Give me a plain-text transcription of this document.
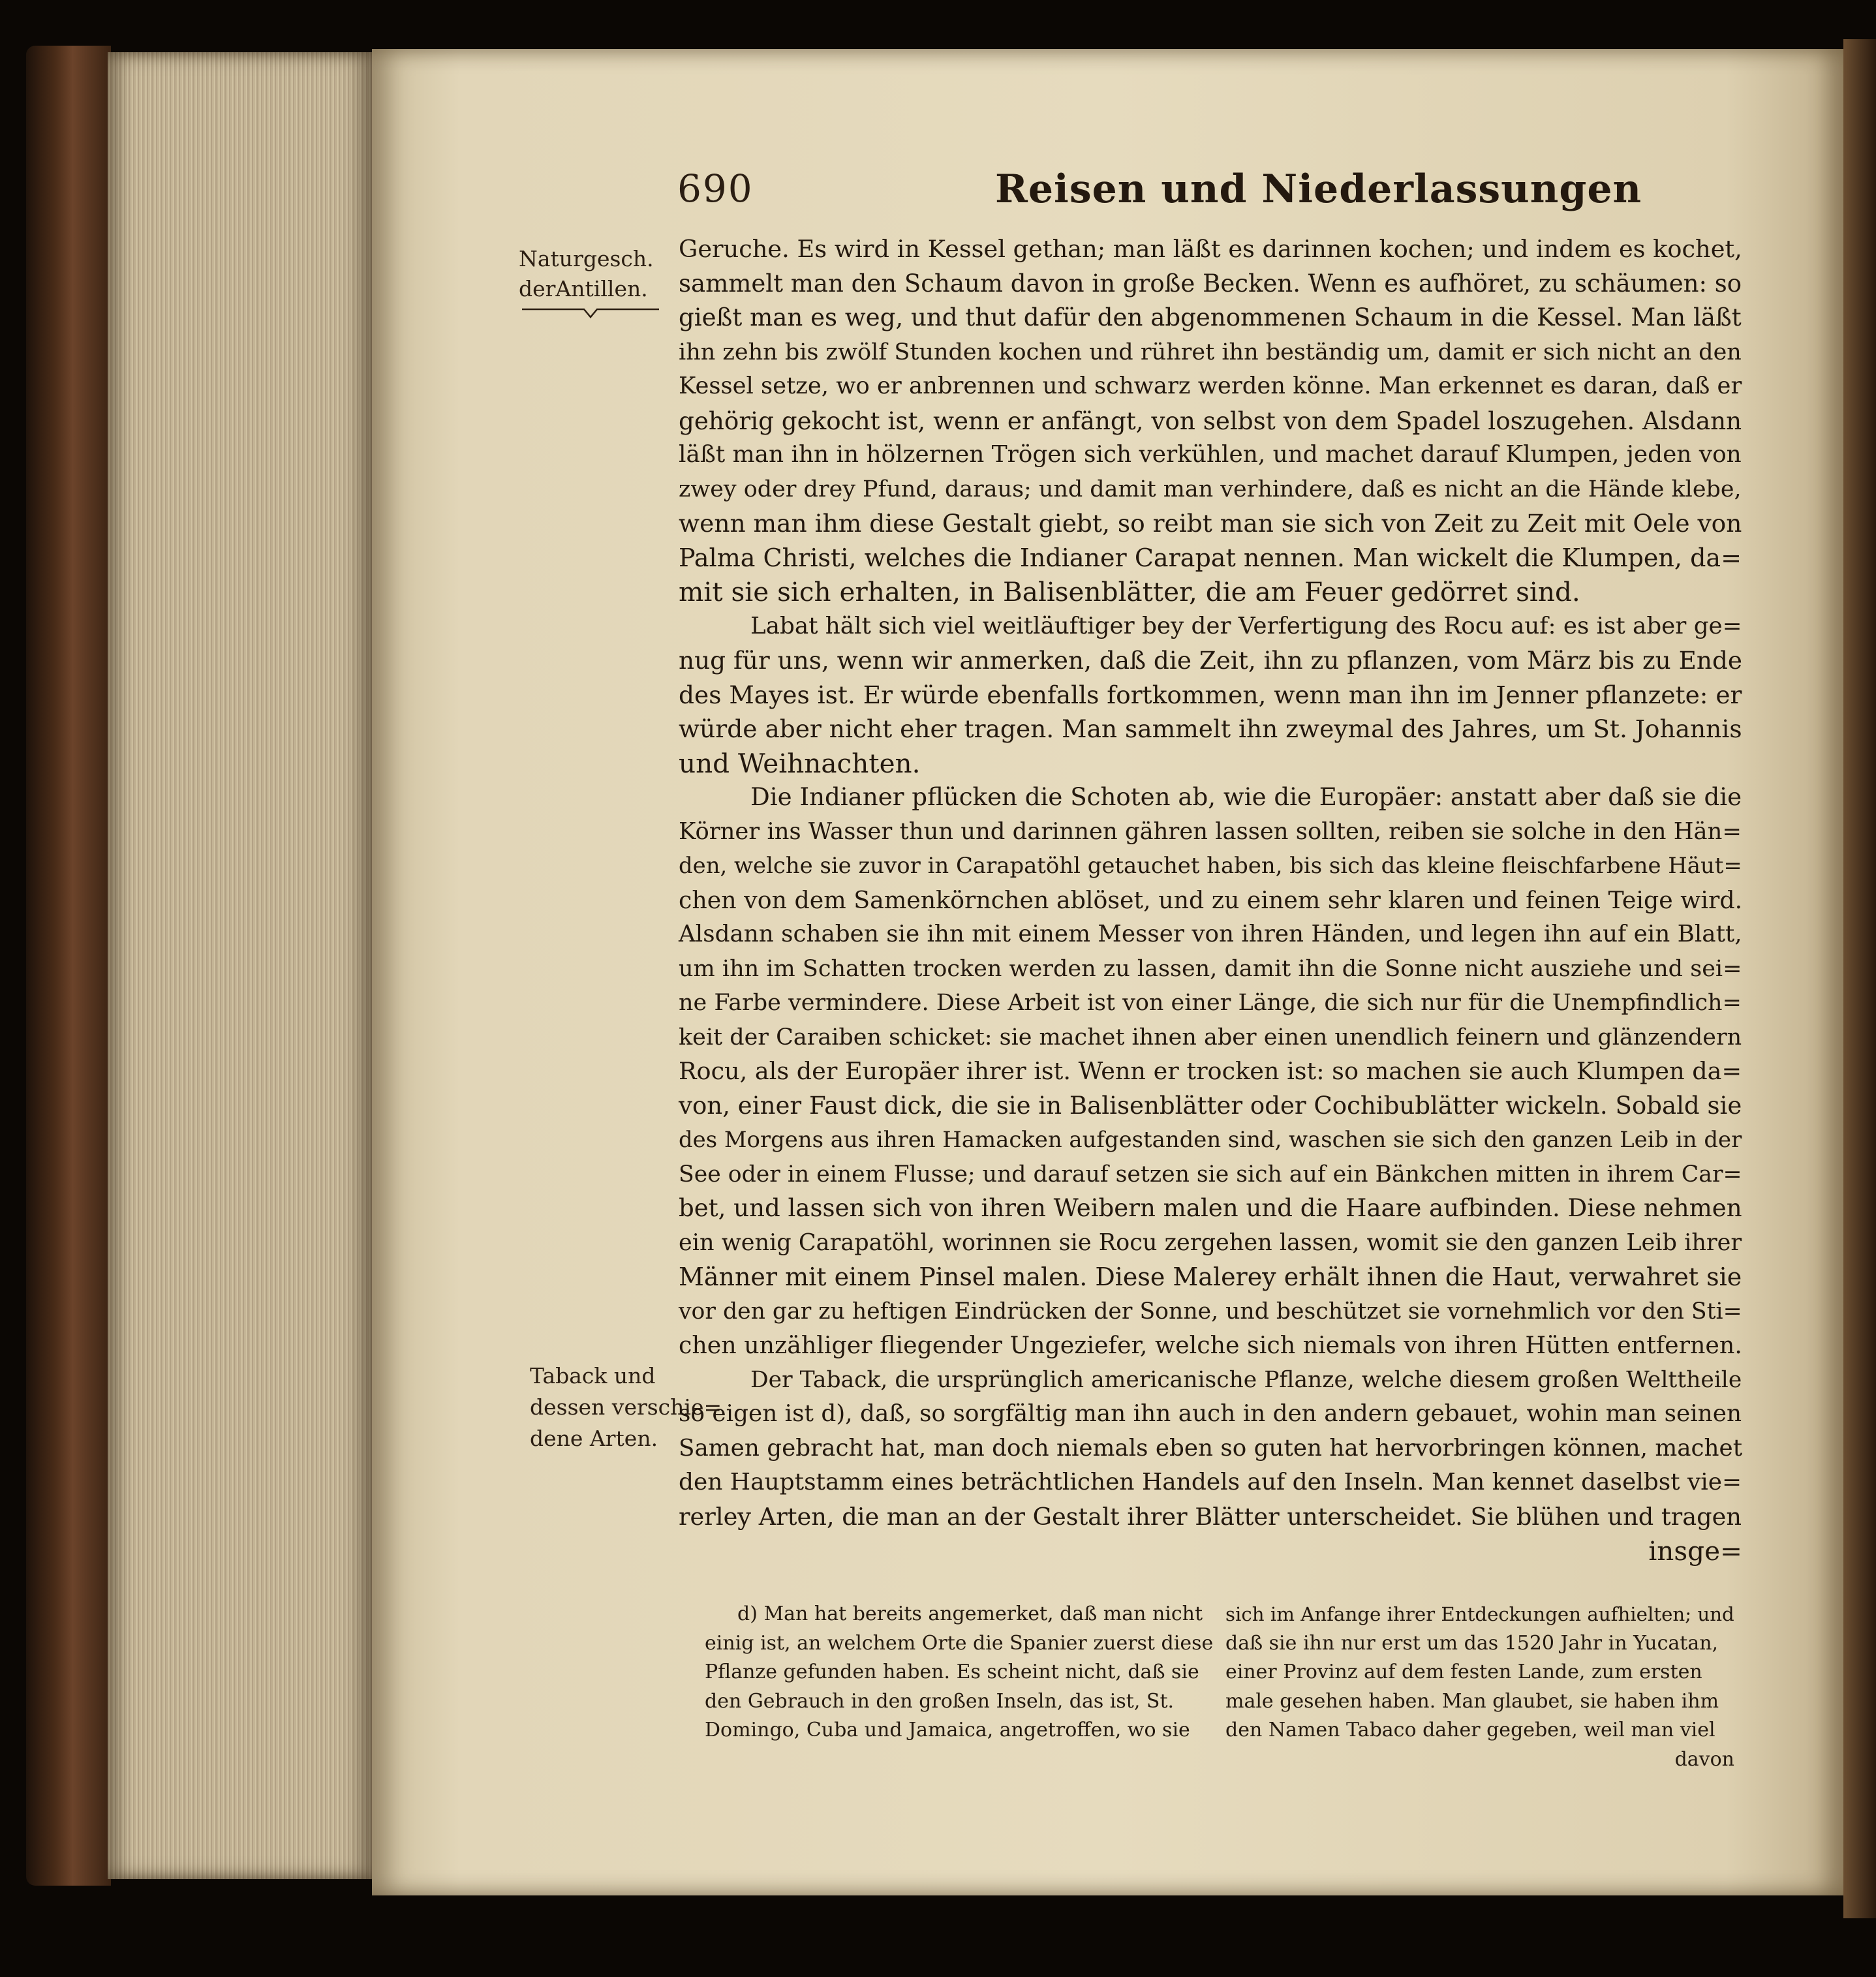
690	Reisen und Niederlassungen
Naturgesch.
derAntillen.
Taback und
dessen verschie=
dene Arten.
Geruche. Es wird in Kessel gethan; man läßt es darinnen kochen; und indem es kochet,
sammelt man den Schaum davon in große Becken. Wenn es aufhöret, zu schäumen: so
gießt man es weg, und thut dafür den abgenommenen Schaum in die Kessel. Man läßt
ihn zehn bis zwölf Stunden kochen und rühret ihn beständig um, damit er sich nicht an den
Kessel setze, wo er anbrennen und schwarz werden könne. Man erkennet es daran, daß er
gehörig gekocht ist, wenn er anfängt, von selbst von dem Spadel loszugehen. Alsdann
läßt man ihn in hölzernen Trögen sich verkühlen, und machet darauf Klumpen, jeden von
zwey oder drey Pfund, daraus; und damit man verhindere, daß es nicht an die Hände klebe,
wenn man ihm diese Gestalt giebt, so reibt man sie sich von Zeit zu Zeit mit Oele von
Palma Christi, welches die Indianer Carapat nennen. Man wickelt die Klumpen, da=
mit sie sich erhalten, in Balisenblätter, die am Feuer gedörret sind.
Labat hält sich viel weitläuftiger bey der Verfertigung des Rocu auf: es ist aber ge=
nug für uns, wenn wir anmerken, daß die Zeit, ihn zu pflanzen, vom März bis zu Ende
des Mayes ist. Er würde ebenfalls fortkommen, wenn man ihn im Jenner pflanzete: er
würde aber nicht eher tragen. Man sammelt ihn zweymal des Jahres, um St. Johannis
und Weihnachten.
Die Indianer pflücken die Schoten ab, wie die Europäer: anstatt aber daß sie die
Körner ins Wasser thun und darinnen gähren lassen sollten, reiben sie solche in den Hän=
den, welche sie zuvor in Carapatöhl getauchet haben, bis sich das kleine fleischfarbene Häut=
chen von dem Samenkörnchen ablöset, und zu einem sehr klaren und feinen Teige wird.
Alsdann schaben sie ihn mit einem Messer von ihren Händen, und legen ihn auf ein Blatt,
um ihn im Schatten trocken werden zu lassen, damit ihn die Sonne nicht ausziehe und sei=
ne Farbe vermindere. Diese Arbeit ist von einer Länge, die sich nur für die Unempfindlich=
keit der Caraiben schicket: sie machet ihnen aber einen unendlich feinern und glänzendern
Rocu, als der Europäer ihrer ist. Wenn er trocken ist: so machen sie auch Klumpen da=
von, einer Faust dick, die sie in Balisenblätter oder Cochibublätter wickeln. Sobald sie
des Morgens aus ihren Hamacken aufgestanden sind, waschen sie sich den ganzen Leib in der
See oder in einem Flusse; und darauf setzen sie sich auf ein Bänkchen mitten in ihrem Car=
bet, und lassen sich von ihren Weibern malen und die Haare aufbinden. Diese nehmen
ein wenig Carapatöhl, worinnen sie Rocu zergehen lassen, womit sie den ganzen Leib ihrer
Männer mit einem Pinsel malen. Diese Malerey erhält ihnen die Haut, verwahret sie
vor den gar zu heftigen Eindrücken der Sonne, und beschützet sie vornehmlich vor den Sti=
chen unzähliger fliegender Ungeziefer, welche sich niemals von ihren Hütten entfernen.
Der Taback, die ursprünglich americanische Pflanze, welche diesem großen Welttheile
so eigen ist d), daß, so sorgfältig man ihn auch in den andern gebauet, wohin man seinen
Samen gebracht hat, man doch niemals eben so guten hat hervorbringen können, machet
den Hauptstamm eines beträchtlichen Handels auf den Inseln. Man kennet daselbst vie=
rerley Arten, die man an der Gestalt ihrer Blätter unterscheidet. Sie blühen und tragen
insge=
d) Man hat bereits angemerket, daß man nicht
einig ist, an welchem Orte die Spanier zuerst diese
Pflanze gefunden haben. Es scheint nicht, daß sie
den Gebrauch in den großen Inseln, das ist, St.
Domingo, Cuba und Jamaica, angetroffen, wo sie
sich im Anfange ihrer Entdeckungen aufhielten; und
daß sie ihn nur erst um das 1520 Jahr in Yucatan,
einer Provinz auf dem festen Lande, zum ersten
male gesehen haben. Man glaubet, sie haben ihm
den Namen Tabaco daher gegeben, weil man viel
davon
